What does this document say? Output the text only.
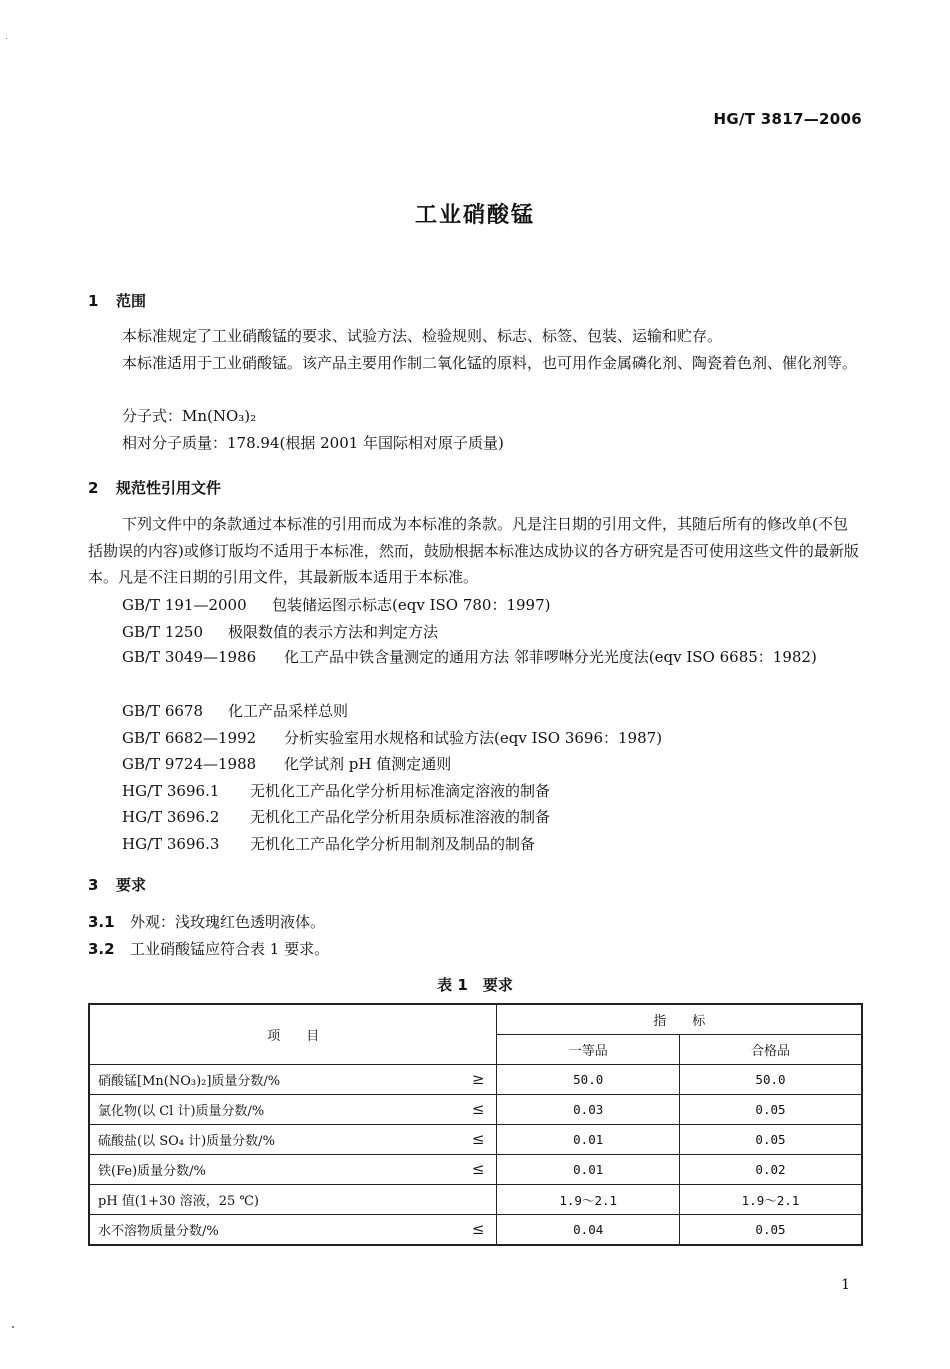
HG/T 3817—2006
工业硝酸锰
1 范围
本标准规定了工业硝酸锰的要求、试验方法、检验规则、标志、标签、包装、运输和贮存。
本标准适用于工业硝酸锰。该产品主要用作制二氧化锰的原料，也可用作金属磷化剂、陶瓷着色剂、催化剂等。
分子式：Mn(NO₃)₂
相对分子质量：178.94(根据 2001 年国际相对原子质量)
2 规范性引用文件
下列文件中的条款通过本标准的引用而成为本标准的条款。凡是注日期的引用文件，其随后所有的修改单(不包括勘误的内容)或修订版均不适用于本标准，然而，鼓励根据本标准达成协议的各方研究是否可使用这些文件的最新版本。凡是不注日期的引用文件，其最新版本适用于本标准。
GB/T 191—2000 包装储运图示标志(eqv ISO 780：1997)
GB/T 1250 极限数值的表示方法和判定方法
GB/T 3049—1986 化工产品中铁含量测定的通用方法 邻菲啰啉分光光度法(eqv ISO 6685：1982)
GB/T 6678 化工产品采样总则
GB/T 6682—1992 分析实验室用水规格和试验方法(eqv ISO 3696：1987)
GB/T 9724—1988 化学试剂 pH 值测定通则
HG/T 3696.1 无机化工产品化学分析用标准滴定溶液的制备
HG/T 3696.2 无机化工产品化学分析用杂质标准溶液的制备
HG/T 3696.3 无机化工产品化学分析用制剂及制品的制备
3 要求
3.1 外观：浅玫瑰红色透明液体。
3.2 工业硝酸锰应符合表 1 要求。
表 1　要求
项　　目	指　　标	
	一等品	合格品
硝酸锰[Mn(NO₃)₂]质量分数/% ≥	50.0	50.0
氯化物(以 Cl 计)质量分数/% ≤	0.03	0.05
硫酸盐(以 SO₄ 计)质量分数/% ≤	0.01	0.05
铁(Fe)质量分数/% ≤	0.01	0.02
pH 值(1+30 溶液，25 ℃)	1.9～2.1	1.9～2.1
水不溶物质量分数/% ≤	0.04	0.05
1
